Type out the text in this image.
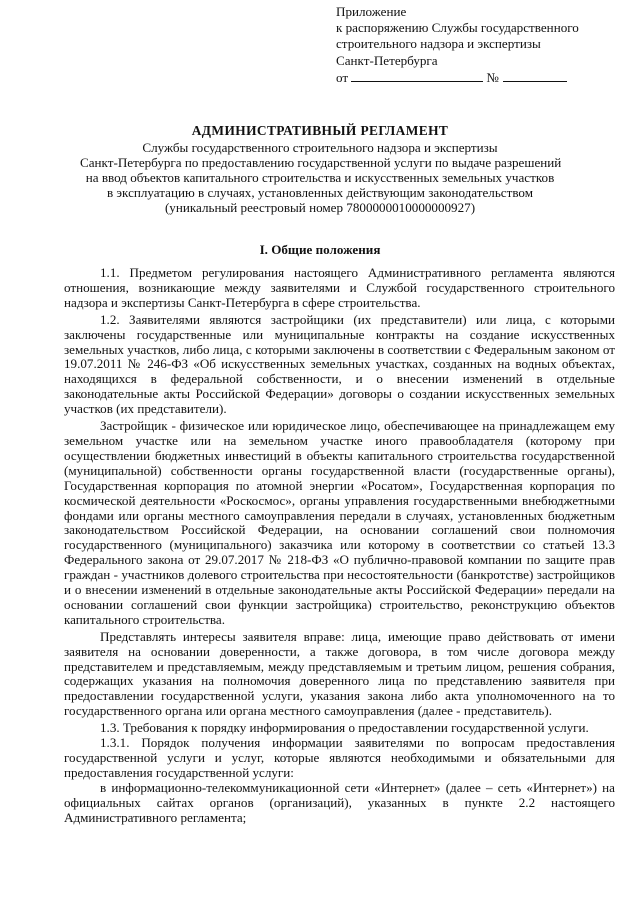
Приложение
к распоряжению Службы государственного
строительного надзора и экспертизы
Санкт-Петербурга
от	№
АДМИНИСТРАТИВНЫЙ РЕГЛАМЕНТ
Службы государственного строительного надзора и экспертизы
Санкт-Петербурга по предоставлению государственной услуги по выдаче разрешений
на ввод объектов капитального строительства и искусственных земельных участков
в эксплуатацию в случаях, установленных действующим законодательством
(уникальный реестровый номер 7800000010000000927)
I. Общие положения

1.1. Предметом регулирования настоящего Административного регламента являются отношения, возникающие между заявителями и Службой государственного строительного надзора и экспертизы Санкт-Петербурга в сфере строительства.

1.2. Заявителями являются застройщики (их представители) или лица, с которыми заключены государственные или муниципальные контракты на создание искусственных земельных участков, либо лица, с которыми заключены в соответствии с Федеральным законом от 19.07.2011 № 246-ФЗ «Об искусственных земельных участках, созданных на водных объектах, находящихся в федеральной собственности, и о внесении изменений в отдельные законодательные акты Российской Федерации» договоры о создании искусственных земельных участков (их представители).

Застройщик - физическое или юридическое лицо, обеспечивающее на принадлежащем ему земельном участке или на земельном участке иного правообладателя (которому при осуществлении бюджетных инвестиций в объекты капитального строительства государственной (муниципальной) собственности органы государственной власти (государственные органы), Государственная корпорация по атомной энергии «Росатом», Государственная корпорация по космической деятельности «Роскосмос», органы управления государственными внебюджетными фондами или органы местного самоуправления передали в случаях, установленных бюджетным законодательством Российской Федерации, на основании соглашений свои полномочия государственного (муниципального) заказчика или которому в соответствии со статьей 13.3 Федерального закона от 29.07.2017 № 218-ФЗ «О публично-правовой компании по защите прав граждан - участников долевого строительства при несостоятельности (банкротстве) застройщиков и о внесении изменений в отдельные законодательные акты Российской Федерации» передали на основании соглашений свои функции застройщика) строительство, реконструкцию объектов капитального строительства.

Представлять интересы заявителя вправе: лица, имеющие право действовать от имени заявителя на основании доверенности, а также договора, в том числе договора между представителем и представляемым, между представляемым и третьим лицом, решения собрания, содержащих указания на полномочия доверенного лица по представлению заявителя при предоставлении государственной услуги, указания закона либо акта уполномоченного на то государственного органа или органа местного самоуправления (далее - представитель).

1.3. Требования к порядку информирования о предоставлении государственной услуги.

1.3.1. Порядок получения информации заявителями по вопросам предоставления государственной услуги и услуг, которые являются необходимыми и обязательными для предоставления государственной услуги:

в информационно-телекоммуникационной сети «Интернет» (далее – сеть «Интернет») на официальных сайтах органов (организаций), указанных в пункте 2.2 настоящего Административного регламента;
